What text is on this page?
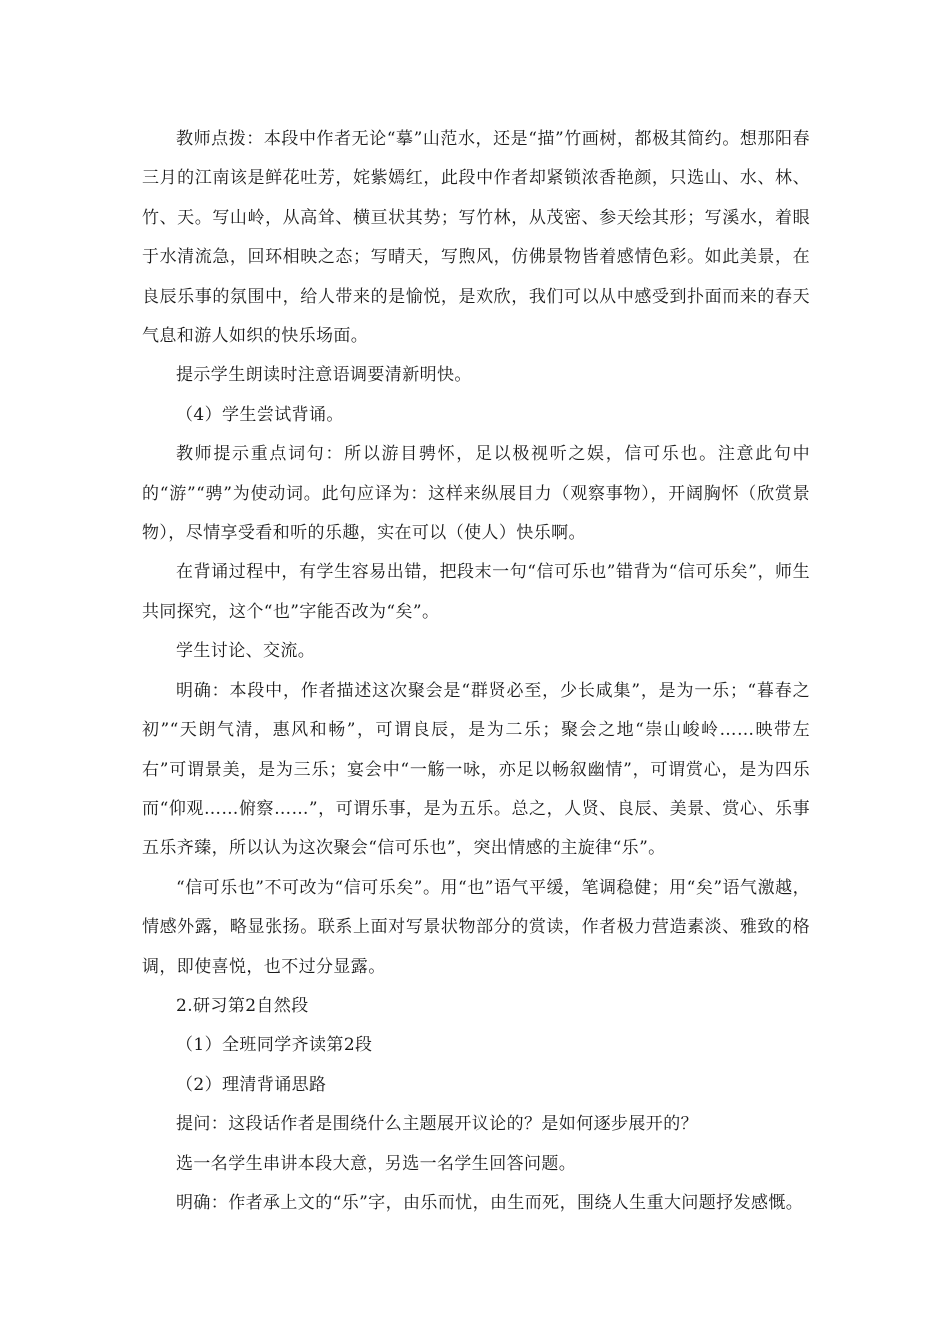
教师点拨：本段中作者无论“摹”山范水，还是“描”竹画树，都极其简约。想那阳春三月的江南该是鲜花吐芳，姹紫嫣红，此段中作者却紧锁浓香艳颜，只选山、水、林、竹、天。写山岭，从高耸、横亘状其势；写竹林，从茂密、参天绘其形；写溪水，着眼于水清流急，回环相映之态；写晴天，写煦风，仿佛景物皆着感情色彩。如此美景，在良辰乐事的氛围中，给人带来的是愉悦，是欢欣，我们可以从中感受到扑面而来的春天气息和游人如织的快乐场面。

提示学生朗读时注意语调要清新明快。

（4）学生尝试背诵。

教师提示重点词句：所以游目骋怀，足以极视听之娱，信可乐也。注意此句中的“游”“骋”为使动词。此句应译为：这样来纵展目力（观察事物），开阔胸怀（欣赏景物），尽情享受看和听的乐趣，实在可以（使人）快乐啊。

在背诵过程中，有学生容易出错，把段末一句“信可乐也”错背为“信可乐矣”，师生共同探究，这个“也”字能否改为“矣”。

学生讨论、交流。

明确：本段中，作者描述这次聚会是“群贤必至，少长咸集”，是为一乐；“暮春之初”“天朗气清，惠风和畅”，可谓良辰，是为二乐；聚会之地“崇山峻岭……映带左右”可谓景美，是为三乐；宴会中“一觞一咏，亦足以畅叙幽情”，可谓赏心，是为四乐而“仰观……俯察……”，可谓乐事，是为五乐。总之，人贤、良辰、美景、赏心、乐事五乐齐臻，所以认为这次聚会“信可乐也”，突出情感的主旋律“乐”。

“信可乐也”不可改为“信可乐矣”。用“也”语气平缓，笔调稳健；用“矣”语气激越，情感外露，略显张扬。联系上面对写景状物部分的赏读，作者极力营造素淡、雅致的格调，即使喜悦，也不过分显露。

2.研习第2自然段

（1）全班同学齐读第2段

（2）理清背诵思路

提问：这段话作者是围绕什么主题展开议论的？是如何逐步展开的？

选一名学生串讲本段大意，另选一名学生回答问题。

明确：作者承上文的“乐”字，由乐而忧，由生而死，围绕人生重大问题抒发感慨。
